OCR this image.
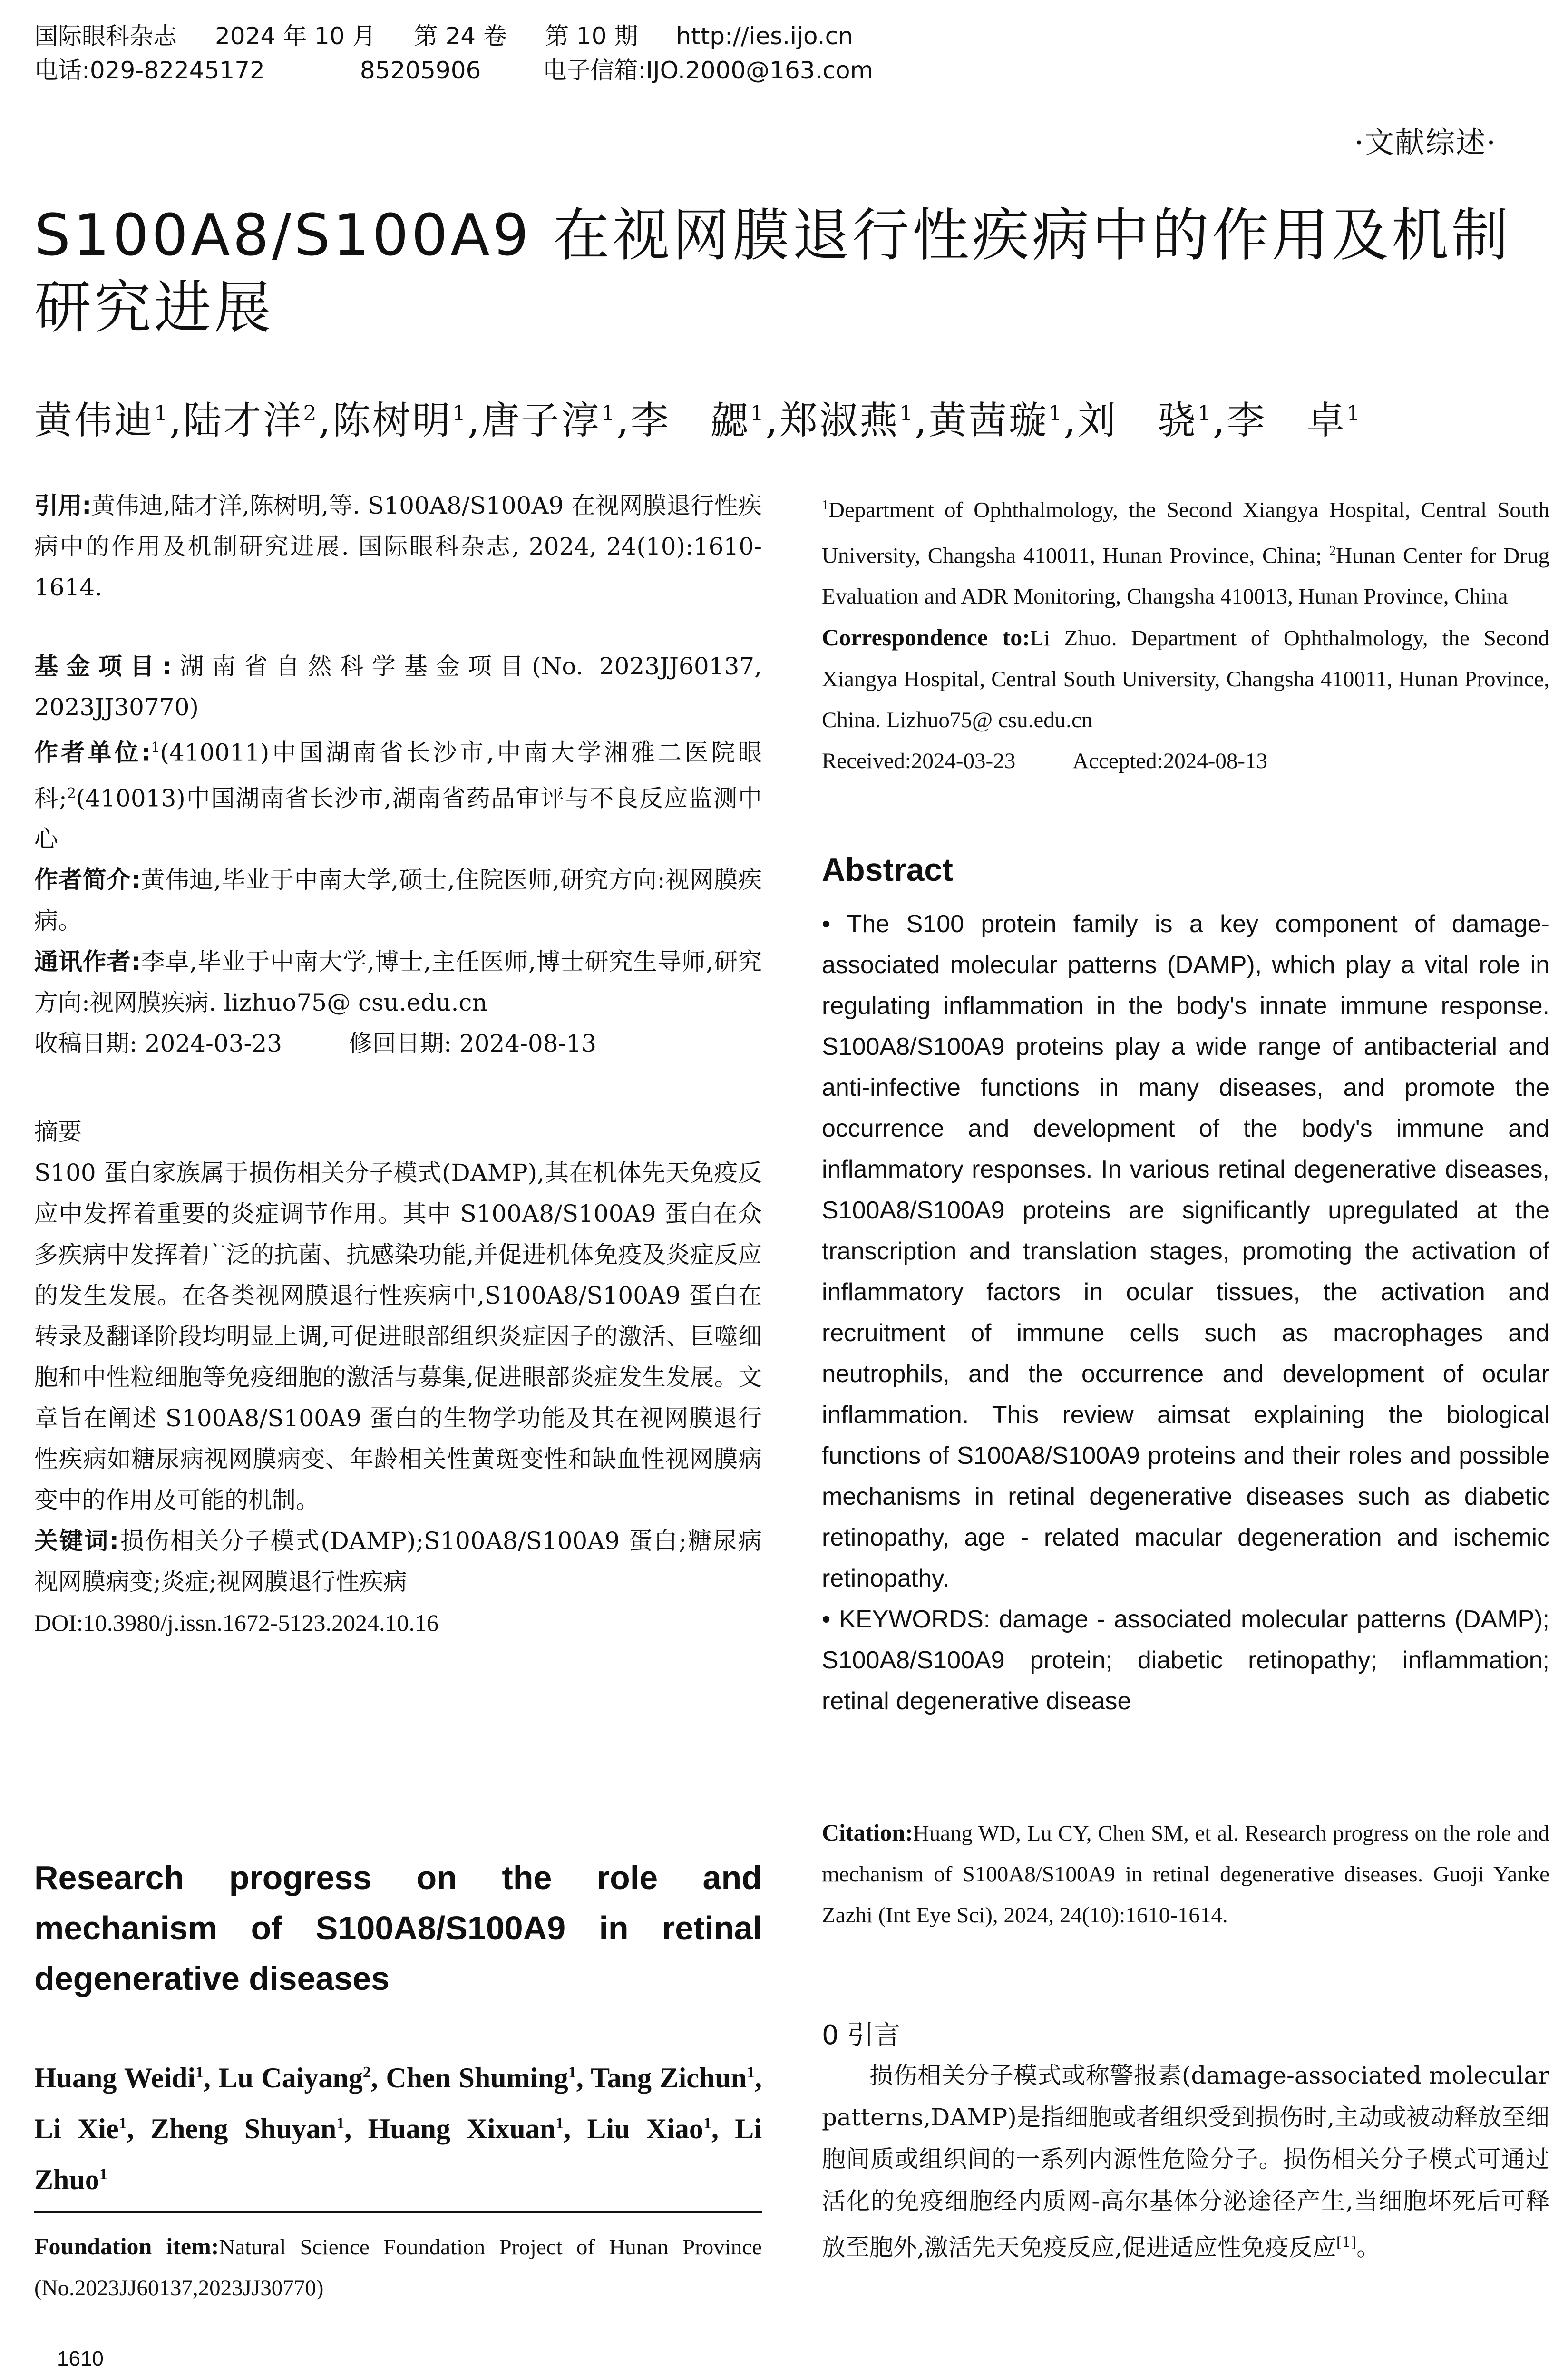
国际眼科杂志 2024 年 10 月 第 24 卷 第 10 期 http://ies.ijo.cn
电话:029-82245172	85205906	电子信箱:IJO.2000@163.com
·文献综述·
S100A8/S100A9 在视网膜退行性疾病中的作用及机制
研究进展
黄伟迪$^1$,陆才洋$^2$,陈树明$^1$,唐子淳$^1$,李　勰$^1$,郑淑燕$^1$,黄茜璇$^1$,刘　骁$^1$,李　卓$^1$
引用:黄伟迪,陆才洋,陈树明,等. S100A8/S100A9 在视网膜退行性疾病中的作用及机制研究进展. 国际眼科杂志, 2024, 24(10):1610-1614.
基金项目:湖南省自然科学基金项目(No. 2023JJ60137, 2023JJ30770)
作者单位:$^1$(410011)中国湖南省长沙市,中南大学湘雅二医院眼科;$^2$(410013)中国湖南省长沙市,湖南省药品审评与不良反应监测中心
作者简介:黄伟迪,毕业于中南大学,硕士,住院医师,研究方向:视网膜疾病。
通讯作者:李卓,毕业于中南大学,博士,主任医师,博士研究生导师,研究方向:视网膜疾病. lizhuo75@ csu.edu.cn
收稿日期: 2024-03-23	修回日期: 2024-08-13
摘要
S100 蛋白家族属于损伤相关分子模式(DAMP),其在机体先天免疫反应中发挥着重要的炎症调节作用。其中 S100A8/S100A9 蛋白在众多疾病中发挥着广泛的抗菌、抗感染功能,并促进机体免疫及炎症反应的发生发展。在各类视网膜退行性疾病中,S100A8/S100A9 蛋白在转录及翻译阶段均明显上调,可促进眼部组织炎症因子的激活、巨噬细胞和中性粒细胞等免疫细胞的激活与募集,促进眼部炎症发生发展。文章旨在阐述 S100A8/S100A9 蛋白的生物学功能及其在视网膜退行性疾病如糖尿病视网膜病变、年龄相关性黄斑变性和缺血性视网膜病变中的作用及可能的机制。
关键词:损伤相关分子模式(DAMP);S100A8/S100A9 蛋白;糖尿病视网膜病变;炎症;视网膜退行性疾病
DOI:10.3980/j.issn.1672-5123.2024.10.16
Research progress on the role and mechanism of S100A8/S100A9 in retinal degenerative diseases
Huang Weidi$^1$, Lu Caiyang$^2$, Chen Shuming$^1$, Tang Zichun$^1$, Li Xie$^1$, Zheng Shuyan$^1$, Huang Xixuan$^1$, Liu Xiao$^1$, Li Zhuo$^1$
Foundation item:Natural Science Foundation Project of Hunan Province (No.2023JJ60137,2023JJ30770)
1610
$^1$Department of Ophthalmology, the Second Xiangya Hospital, Central South University, Changsha 410011, Hunan Province, China; $^2$Hunan Center for Drug Evaluation and ADR Monitoring, Changsha 410013, Hunan Province, China
Correspondence to:Li Zhuo. Department of Ophthalmology, the Second Xiangya Hospital, Central South University, Changsha 410011, Hunan Province, China. Lizhuo75@ csu.edu.cn
Received:2024-03-23	Accepted:2024-08-13
Abstract
• The S100 protein family is a key component of damage-associated molecular patterns (DAMP), which play a vital role in regulating inflammation in the body's innate immune response. S100A8/S100A9 proteins play a wide range of antibacterial and anti-infective functions in many diseases, and promote the occurrence and development of the body's immune and inflammatory responses. In various retinal degenerative diseases, S100A8/S100A9 proteins are significantly upregulated at the transcription and translation stages, promoting the activation of inflammatory factors in ocular tissues, the activation and recruitment of immune cells such as macrophages and neutrophils, and the occurrence and development of ocular inflammation. This review aimsat explaining the biological functions of S100A8/S100A9 proteins and their roles and possible mechanisms in retinal degenerative diseases such as diabetic retinopathy, age - related macular degeneration and ischemic retinopathy.
• KEYWORDS: damage - associated molecular patterns (DAMP); S100A8/S100A9 protein; diabetic retinopathy; inflammation; retinal degenerative disease
Citation:Huang WD, Lu CY, Chen SM, et al. Research progress on the role and mechanism of S100A8/S100A9 in retinal degenerative diseases. Guoji Yanke Zazhi (Int Eye Sci), 2024, 24(10):1610-1614.
0 引言
损伤相关分子模式或称警报素(damage-associated molecular patterns,DAMP)是指细胞或者组织受到损伤时,主动或被动释放至细胞间质或组织间的一系列内源性危险分子。损伤相关分子模式可通过活化的免疫细胞经内质网-高尔基体分泌途径产生,当细胞坏死后可释放至胞外,激活先天免疫反应,促进适应性免疫反应[1]。
